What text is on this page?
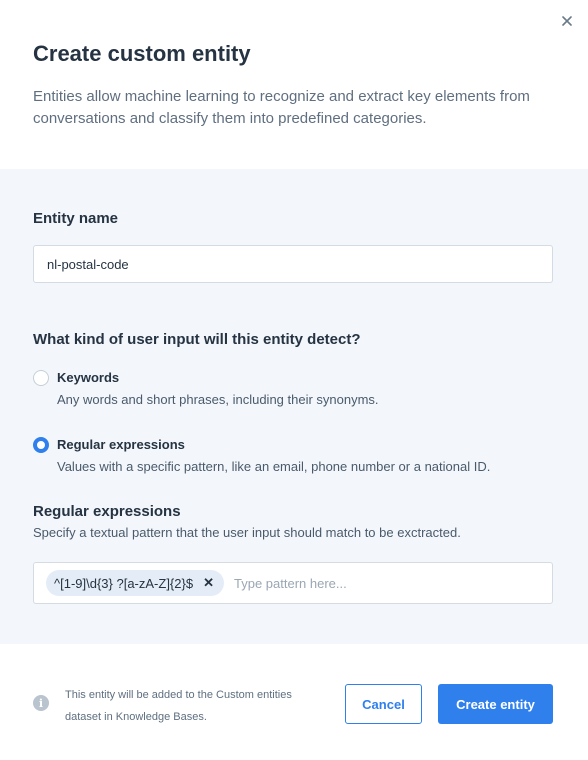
Create custom entity

Entities allow machine learning to recognize and extract key elements from conversations and classify them into predefined categories.

Entity name
nl-postal-code
What kind of user input will this entity detect?
Keywords
Any words and short phrases, including their synonyms.
Regular expressions
Values with a specific pattern, like an email, phone number or a national ID.
Regular expressions
Specify a textual pattern that the user input should match to be exctracted.
^[1-9]\d{3} ?[a-zA-Z]{2}$ ✕
Type pattern here...
i

This entity will be added to the Custom entities dataset in Knowledge Bases.

Cancel	Create entity
